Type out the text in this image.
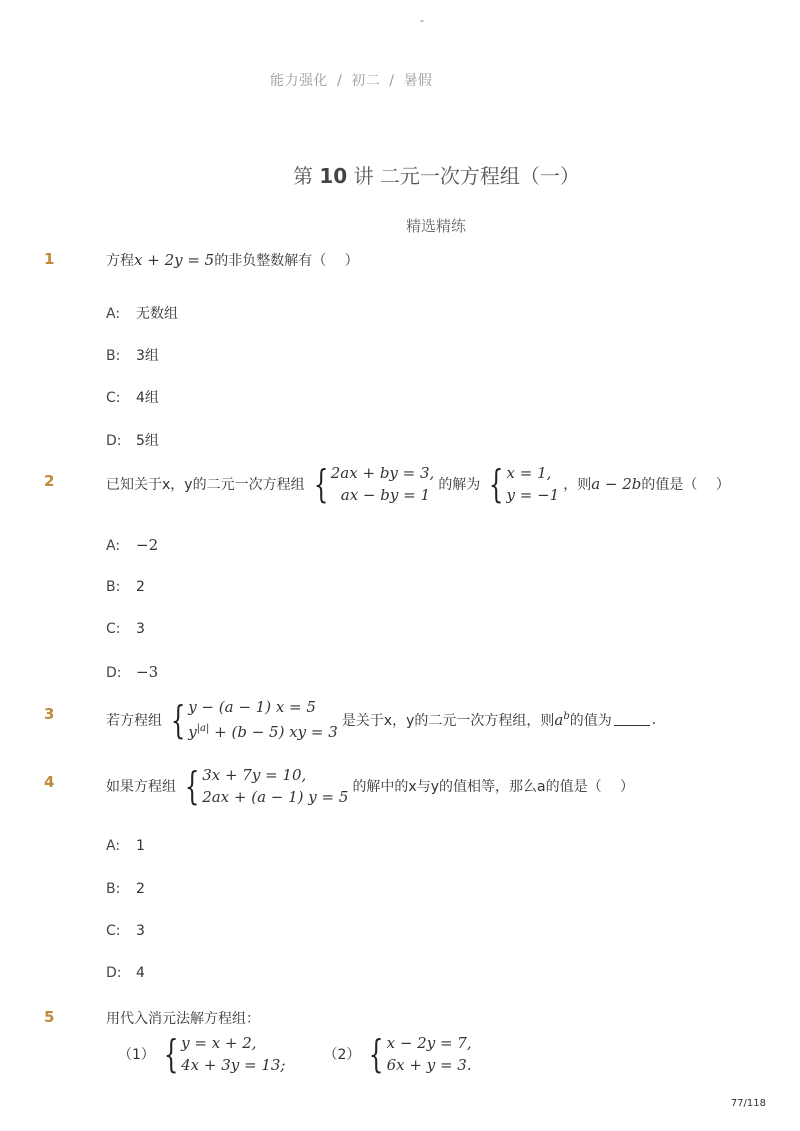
-
能力强化 / 初二 / 暑假
第 10 讲 二元一次方程组（一）
精选精练
1	方程 x + 2y = 5 的非负整数解有（　 ）
A: 无数组
B: 3组
C: 4组
D: 5组
2	已知关于x，y的二元一次方程组 { 2ax + by = 3,
ax − by = 1
的解为 { x = 1,
y = −1
，则 a − 2b 的值是（　 ）
A: −2
B: 2
C: 3
D: −3
3	若方程组 { y − (a − 1) x = 5
$y^{|a|} + (b - 5)$ xy = 3
是关于x，y的二元一次方程组，则 $a^b$ 的值为	.
4	如果方程组 { 3x + 7y = 10,
2ax + (a − 1) y = 5
的解中的x与y的值相等，那么a的值是（　 ）
A: 1
B: 2
C: 3
D: 4
5	用代入消元法解方程组：
（1） { y = x + 2,
4x + 3y = 13;
（2） { x − 2y = 7,
6x + y = 3.
77/118
